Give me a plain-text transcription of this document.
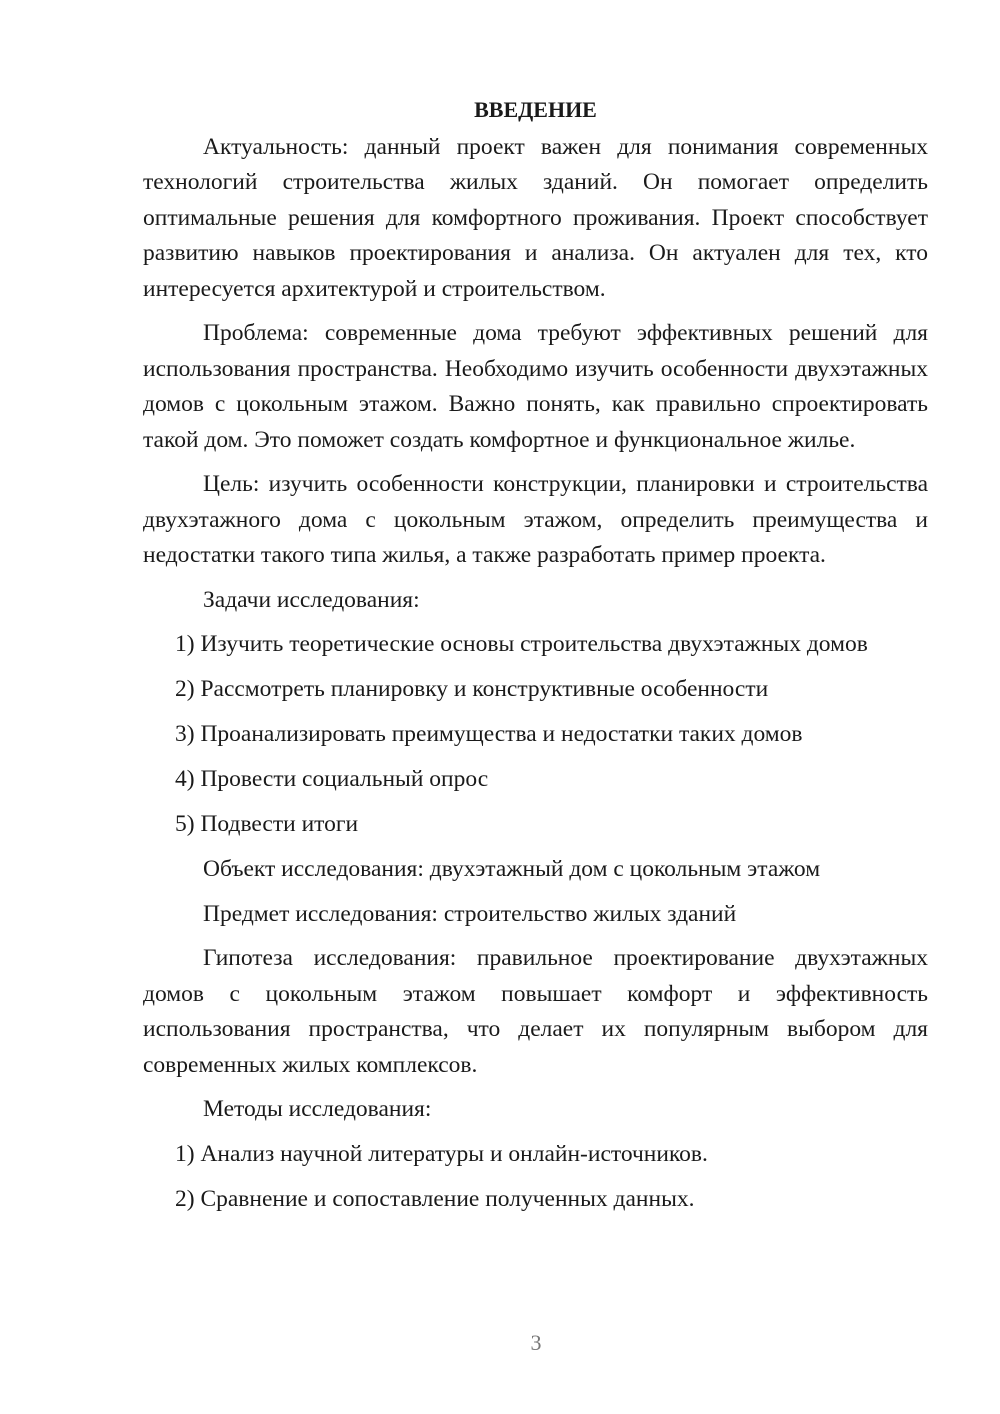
ВВЕДЕНИЕ

Актуальность: данный проект важен для понимания современных технологий строительства жилых зданий. Он помогает определить оптимальные решения для комфортного проживания. Проект способствует развитию навыков проектирования и анализа. Он актуален для тех, кто интересуется архитектурой и строительством.

Проблема: современные дома требуют эффективных решений для использования пространства. Необходимо изучить особенности двухэтажных домов с цокольным этажом. Важно понять, как правильно спроектировать такой дом. Это поможет создать комфортное и функциональное жилье.

Цель: изучить особенности конструкции, планировки и строительства двухэтажного дома с цокольным этажом, определить преимущества и недостатки такого типа жилья, а также разработать пример проекта.

Задачи исследования:

1) Изучить теоретические основы строительства двухэтажных домов

2) Рассмотреть планировку и конструктивные особенности

3) Проанализировать преимущества и недостатки таких домов

4) Провести социальный опрос

5) Подвести итоги

Объект исследования: двухэтажный дом с цокольным этажом

Предмет исследования: строительство жилых зданий

Гипотеза исследования: правильное проектирование двухэтажных домов с цокольным этажом повышает комфорт и эффективность использования пространства, что делает их популярным выбором для современных жилых комплексов.

Методы исследования:

1) Анализ научной литературы и онлайн-источников.

2) Сравнение и сопоставление полученных данных.

3
